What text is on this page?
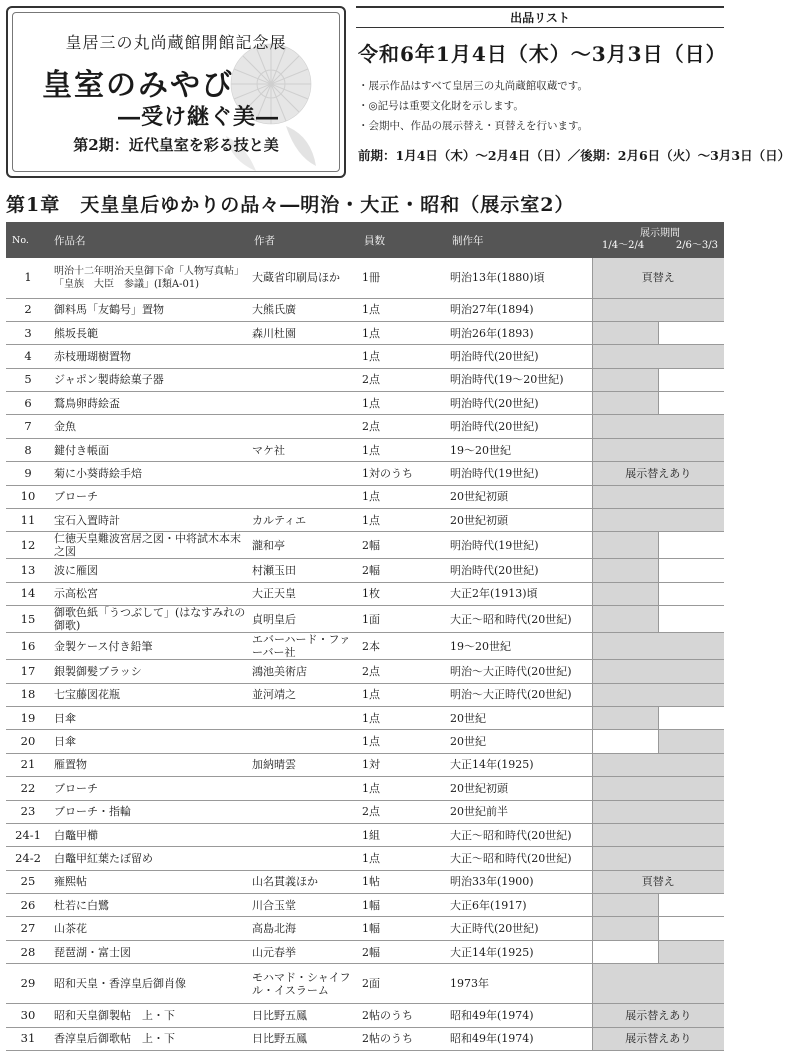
皇居三の丸尚蔵館開館記念展
皇室のみやび
―受け継ぐ美―
第2期：近代皇室を彩る技と美
出品リスト
令和6年1月4日（木）～3月3日（日）
・ 展示作品はすべて皇居三の丸尚蔵館収蔵です。
・ ◎記号は重要文化財を示します。
・ 会期中、作品の展示替え・頁替えを行います。
前期：1月4日（木）～2月4日（日）／後期：2月6日（火）～3月3日（日）
第1章　天皇皇后ゆかりの品々―明治・大正・昭和（展示室2）
No.	作品名	作者	員数	制作年	展示期間
1/4～2/4 2/6～3/3	

1	明治十二年明治天皇御下命「人物写真帖」「皇族　大臣　参議」(I類A-01)	大蔵省印刷局ほか	1冊	明治13年(1880)頃	頁替え	
2	御料馬「友鶴号」置物	大熊氏廣	1点	明治27年(1894)		
3	熊坂長範	森川杜園	1点	明治26年(1893)		
4	赤枝珊瑚樹置物		1点	明治時代(20世紀)		
5	ジャポン製蒔絵菓子器		2点	明治時代(19～20世紀)		
6	鶩鳥卵蒔絵盃		1点	明治時代(20世紀)		
7	金魚		2点	明治時代(20世紀)		
8	鍵付き帳面	マケ社	1点	19～20世紀		
9	菊に小葵蒔絵手焙		1対のうち	明治時代(19世紀)	展示替えあり	
10	ブローチ		1点	20世紀初頭		
11	宝石入置時計	カルティエ	1点	20世紀初頭		
12	仁徳天皇難波宮居之図・中将試木本末之図	瀧和亭	2幅	明治時代(19世紀)		
13	波に雁図	村瀬玉田	2幅	明治時代(20世紀)		
14	示高松宮	大正天皇	1枚	大正2年(1913)頃		
15	御歌色紙「うつぶして」(はなすみれの御歌)	貞明皇后	1面	大正～昭和時代(20世紀)		
16	金製ケース付き鉛筆	エバーハード・ファーバー社	2本	19～20世紀		
17	銀製御髪ブラッシ	鴻池美術店	2点	明治～大正時代(20世紀)		
18	七宝藤図花瓶	並河靖之	1点	明治～大正時代(20世紀)		
19	日傘		1点	20世紀		
20	日傘		1点	20世紀		
21	雁置物	加納晴雲	1対	大正14年(1925)		
22	ブローチ		1点	20世紀初頭		
23	ブローチ・指輪		2点	20世紀前半		
24-1	白鼈甲櫛		1組	大正～昭和時代(20世紀)		
24-2	白鼈甲紅葉たぼ留め		1点	大正～昭和時代(20世紀)		
25	雍熙帖	山名貫義ほか	1帖	明治33年(1900)	頁替え	
26	杜若に白鷺	川合玉堂	1幅	大正6年(1917)		
27	山茶花	高島北海	1幅	大正時代(20世紀)		
28	琵琶湖・富士図	山元春挙	2幅	大正14年(1925)		
29	昭和天皇・香淳皇后御肖像	モハマド・シャイフル・イスラーム	2面	1973年		
30	昭和天皇御製帖　上・下	日比野五鳳	2帖のうち	昭和49年(1974)	展示替えあり	
31	香淳皇后御歌帖　上・下	日比野五鳳	2帖のうち	昭和49年(1974)	展示替えあり	
